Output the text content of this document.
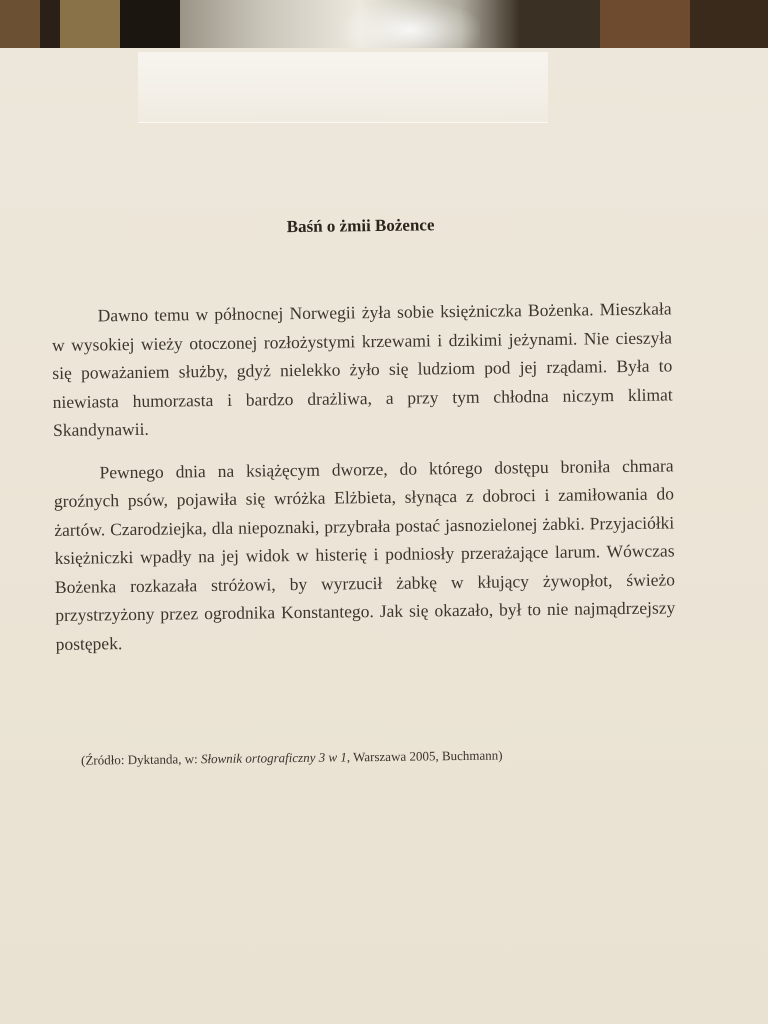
Baśń o żmii Bożence

Dawno temu w północnej Norwegii żyła sobie księżniczka Bożenka. Mieszkała w wysokiej wieży otoczonej rozłożystymi krzewami i dzikimi jeżynami. Nie cieszyła się poważaniem służby, gdyż nielekko żyło się ludziom pod jej rządami. Była to niewiasta humorzasta i bardzo drażliwa, a przy tym chłodna niczym klimat Skandynawii.

Pewnego dnia na książęcym dworze, do którego dostępu broniła chmara groźnych psów, pojawiła się wróżka Elżbieta, słynąca z dobroci i zamiłowania do żartów. Czarodziejka, dla niepoznaki, przybrała postać jasnozielonej żabki. Przyjaciółki księżniczki wpadły na jej widok w histerię i podniosły przerażające larum. Wówczas Bożenka rozkazała stróżowi, by wyrzucił żabkę w kłujący żywopłot, świeżo przystrzyżony przez ogrodnika Konstantego. Jak się okazało, był to nie najmądrzejszy postępek.

(Źródło: Dyktanda, w: Słownik ortograficzny 3 w 1, Warszawa 2005, Buchmann)
